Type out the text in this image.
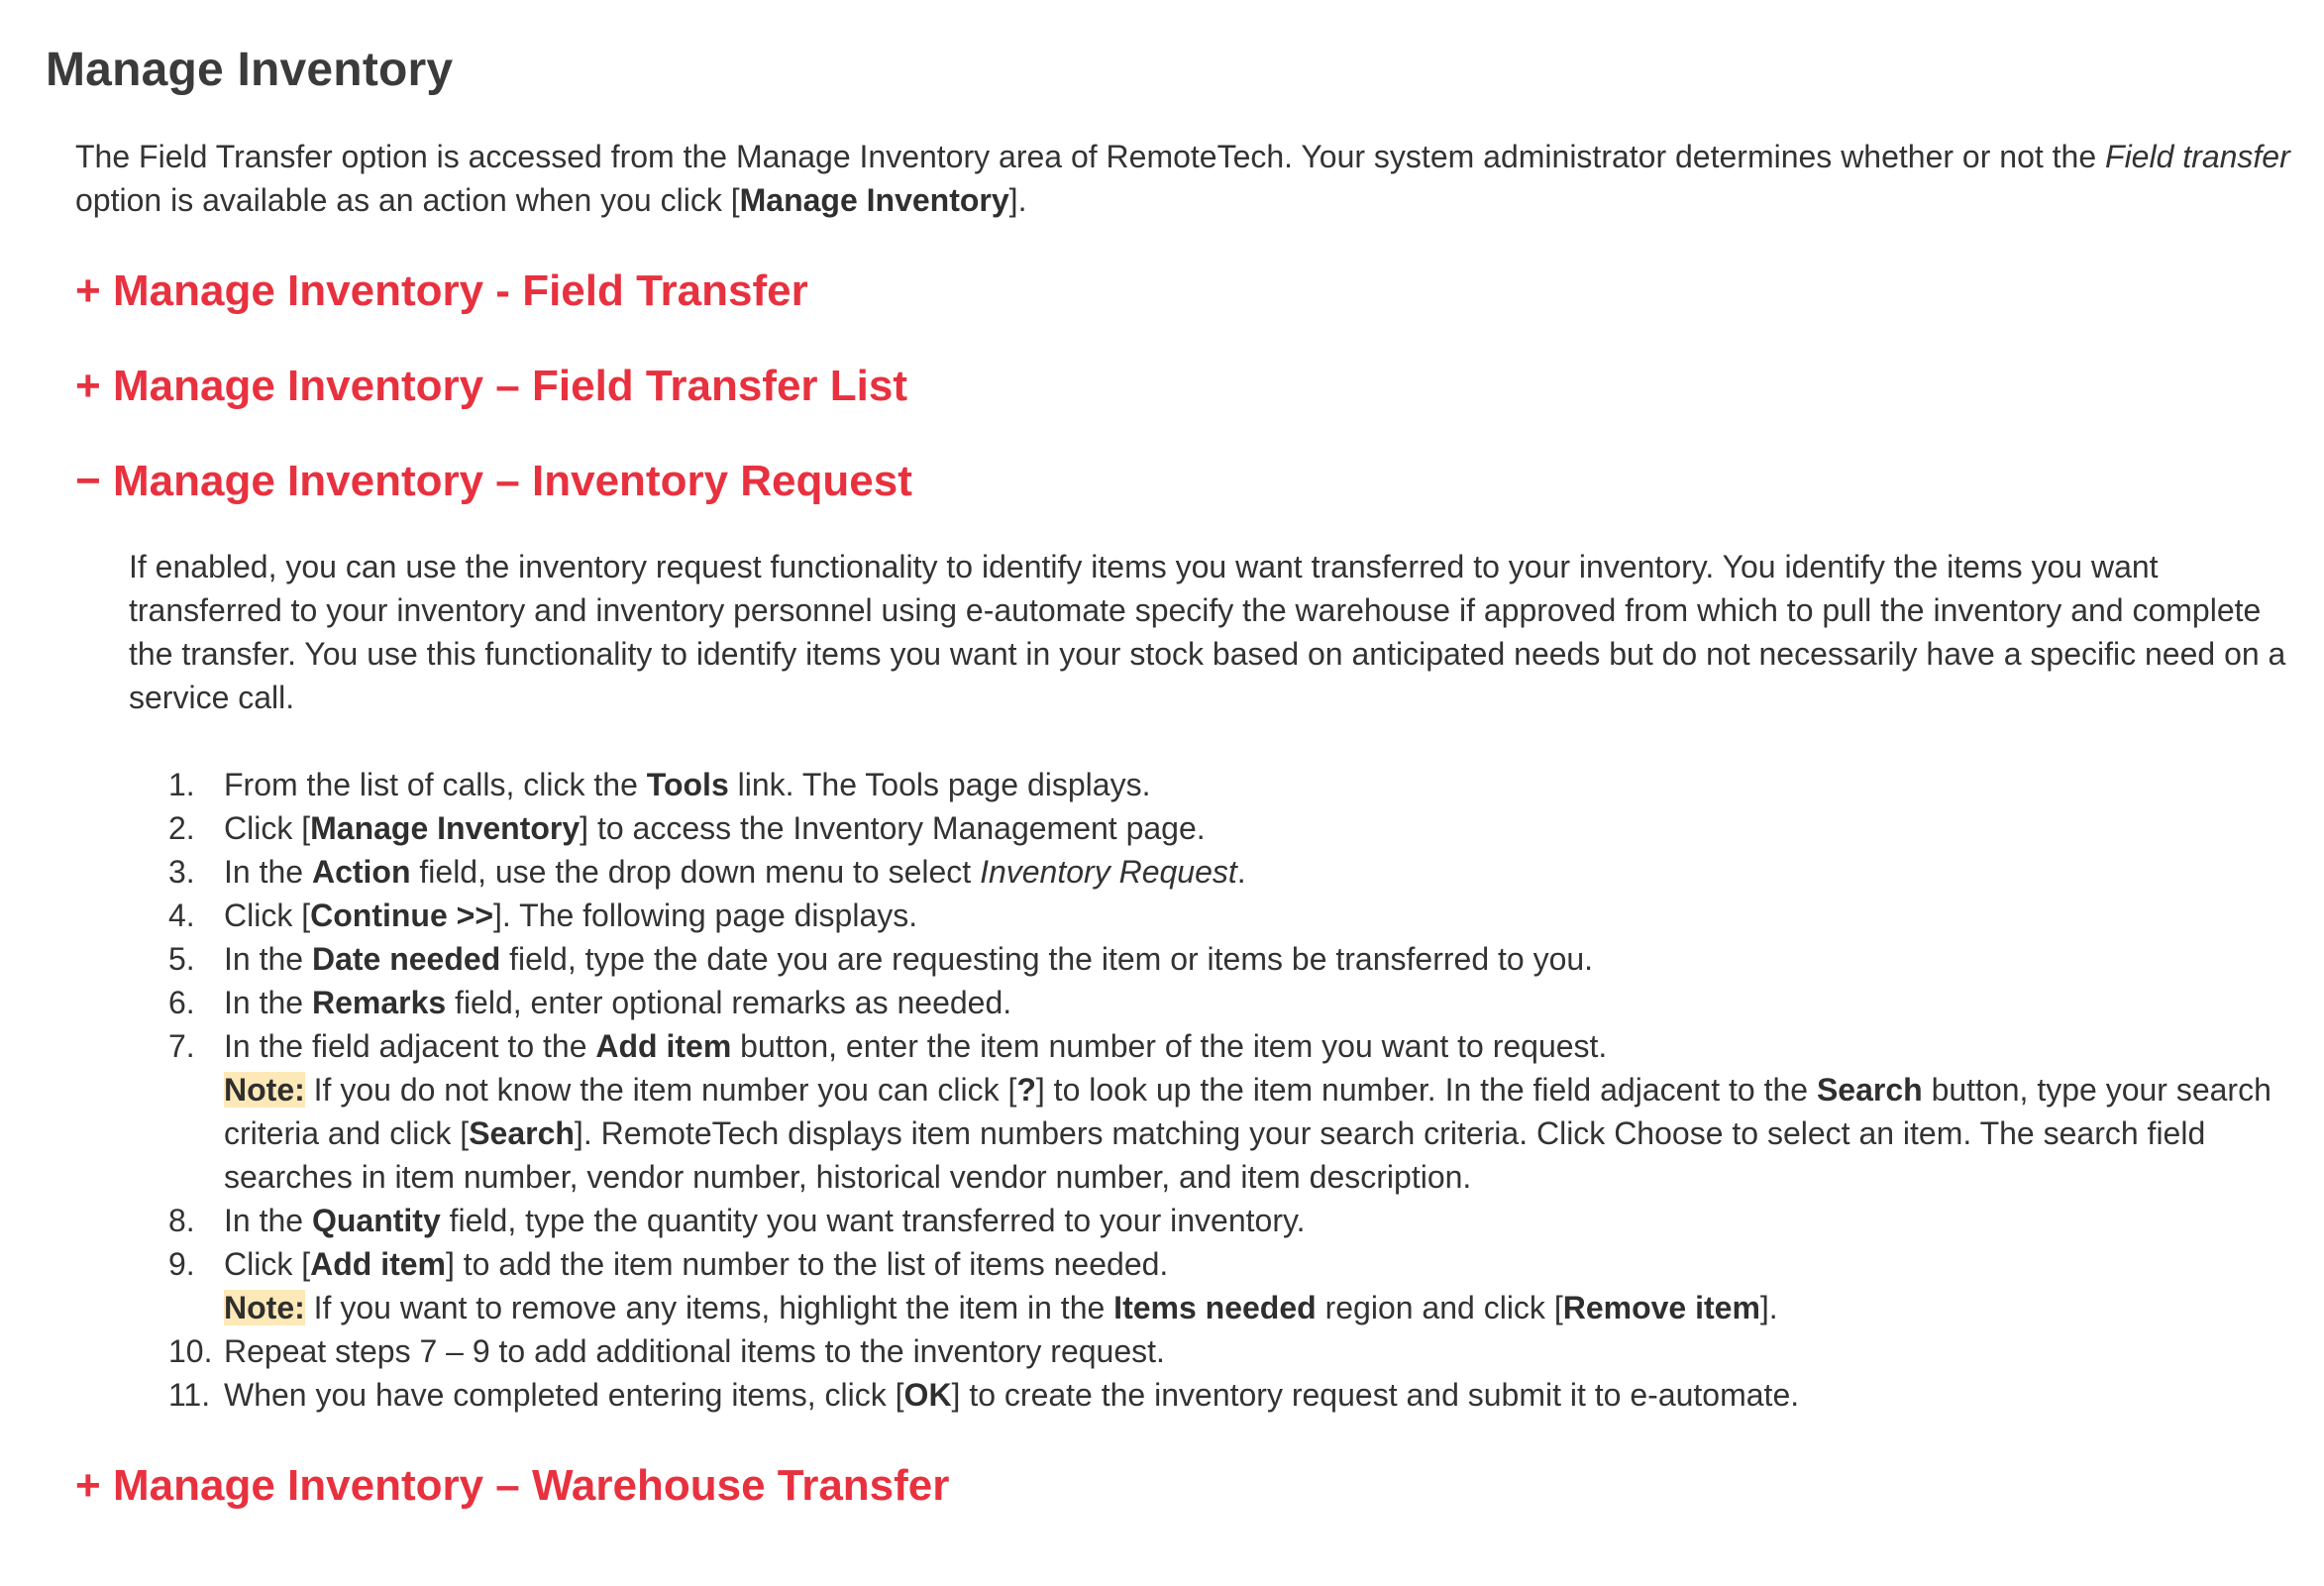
Manage Inventory

The Field Transfer option is accessed from the Manage Inventory area of RemoteTech. Your system administrator determines whether or not the Field transfer option is available as an action when you click [Manage Inventory].

+ Manage Inventory - Field Transfer
+ Manage Inventory – Field Transfer List
− Manage Inventory – Inventory Request

If enabled, you can use the inventory request functionality to identify items you want transferred to your inventory. You identify the items you want transferred to your inventory and inventory personnel using e-automate specify the warehouse if approved from which to pull the inventory and complete the transfer. You use this functionality to identify items you want in your stock based on anticipated needs but do not necessarily have a specific need on a service call.

1. From the list of calls, click the Tools link. The Tools page displays.
2. Click [Manage Inventory] to access the Inventory Management page.
3. In the Action field, use the drop down menu to select Inventory Request.
4. Click [Continue >>]. The following page displays.
5. In the Date needed field, type the date you are requesting the item or items be transferred to you.
6. In the Remarks field, enter optional remarks as needed.
7. In the field adjacent to the Add item button, enter the item number of the item you want to request.
Note: If you do not know the item number you can click [?] to look up the item number. In the field adjacent to the Search button, type your search criteria and click [Search]. RemoteTech displays item numbers matching your search criteria. Click Choose to select an item. The search field searches in item number, vendor number, historical vendor number, and item description.
8. In the Quantity field, type the quantity you want transferred to your inventory.
9. Click [Add item] to add the item number to the list of items needed.
Note: If you want to remove any items, highlight the item in the Items needed region and click [Remove item].
10. Repeat steps 7 – 9 to add additional items to the inventory request.
11. When you have completed entering items, click [OK] to create the inventory request and submit it to e-automate.
+ Manage Inventory – Warehouse Transfer
